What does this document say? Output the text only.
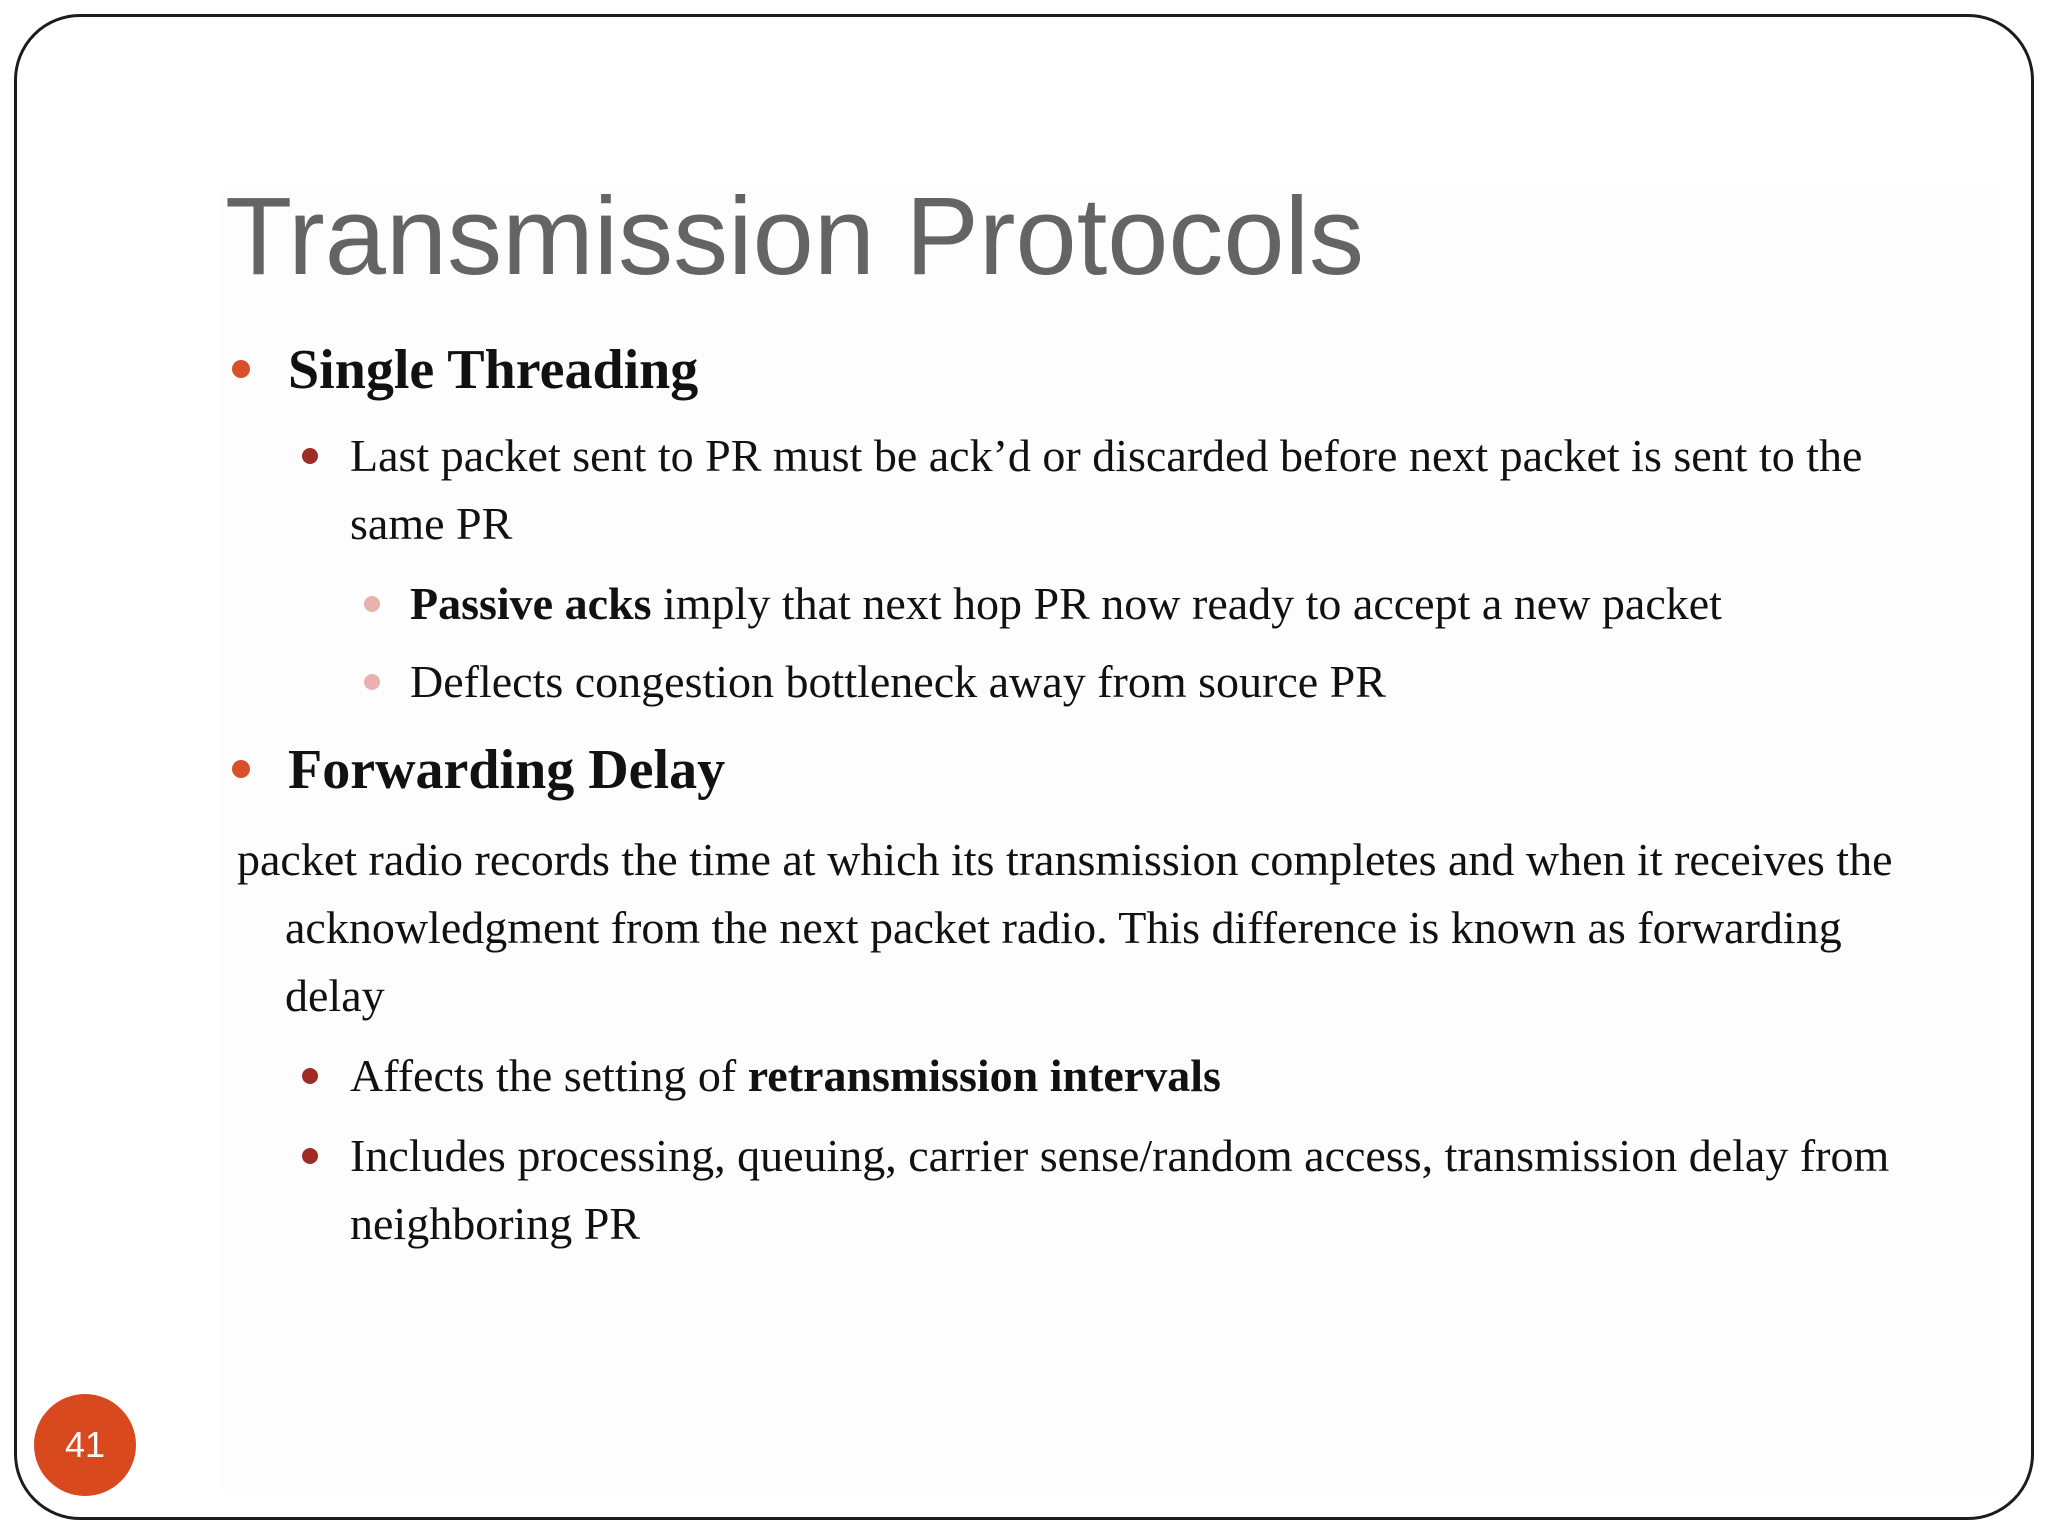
Transmission Protocols

Single Threading

Last packet sent to PR must be ack’d or discarded before next packet is sent to the same PR

Passive acks imply that next hop PR now ready to accept a new packet

Deflects congestion bottleneck away from source PR

Forwarding Delay

packet radio records the time at which its transmission completes and when it receives the acknowledgment from the next packet radio. This difference is known as forwarding delay

Affects the setting of retransmission intervals

Includes processing, queuing, carrier sense/random access, transmission delay from neighboring PR

41
